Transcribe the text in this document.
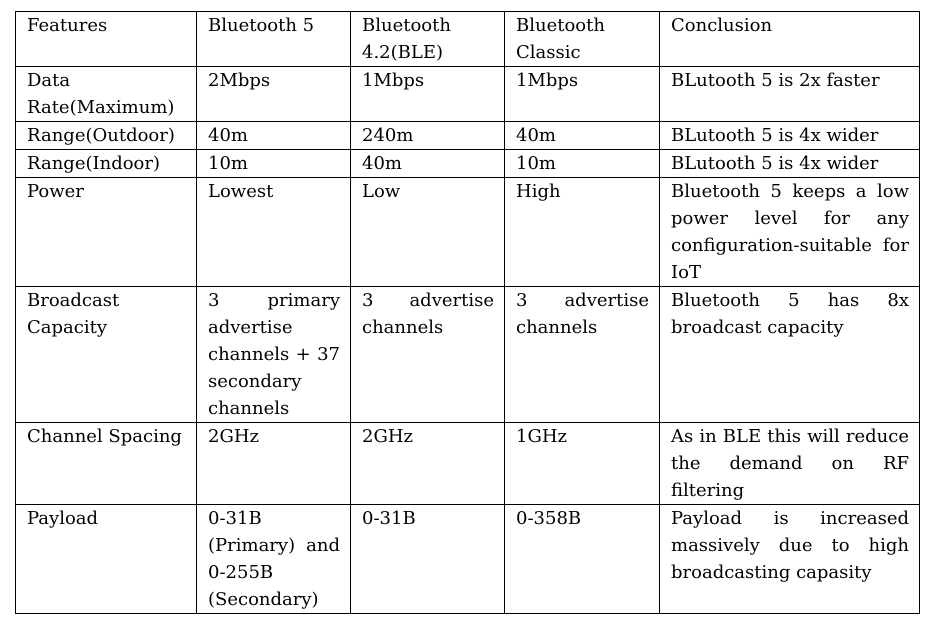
Features	Bluetooth 5	Bluetooth 4.2(BLE)	Bluetooth Classic	Conclusion
Data Rate(Maximum)	2Mbps	1Mbps	1Mbps	BLutooth 5 is 2x faster
Range(Outdoor)	40m	240m	40m	BLutooth 5 is 4x wider
Range(Indoor)	10m	40m	10m	BLutooth 5 is 4x wider
Power	Lowest	Low	High	Bluetooth 5 keeps a low power level for any configuration-suitable for IoT
Broadcast Capacity	3 primary advertise channels + 37 secondary channels	3 advertise channels	3 advertise channels	Bluetooth 5 has 8x broadcast capacity
Channel Spacing	2GHz	2GHz	1GHz	As in BLE this will reduce the demand on RF filtering
Payload	0-31B (Primary) and 0-255B (Secondary)	0-31B	0-358B	Payload is increased massively due to high broadcasting capasity
